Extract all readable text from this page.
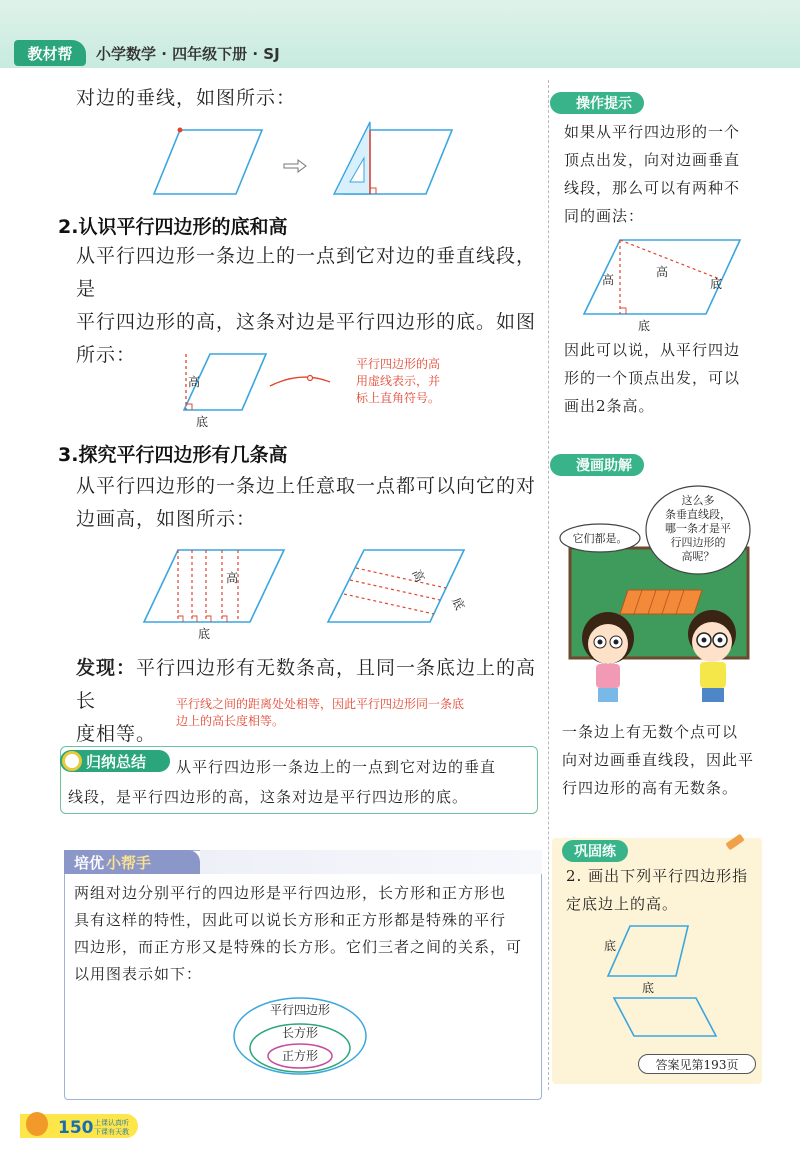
教材帮	小学数学 · 四年级下册 · SJ
对边的垂线，如图所示：
2.认识平行四边形的底和高
从平行四边形一条边上的一点到它对边的垂直线段，是
平行四边形的高，这条对边是平行四边形的底。如图
所示：
高
底
平行四边形的高
用虚线表示，并
标上直角符号。
3.探究平行四边形有几条高
从平行四边形的一条边上任意取一点都可以向它的对
边画高，如图所示：
高
底
高
底
发现：平行四边形有无数条高，且同一条底边上的高长
度相等。
平行线之间的距离处处相等，因此平行四边形同一条底
边上的高长度相等。
归纳总结	从平行四边形一条边上的一点到它对边的垂直
线段，是平行四边形的高，这条对边是平行四边形的底。
培优 小帮手
两组对边分别平行的四边形是平行四边形，长方形和正方形也
具有这样的特性，因此可以说长方形和正方形都是特殊的平行
四边形，而正方形又是特殊的长方形。它们三者之间的关系，可
以用图表示如下：
平行四边形
长方形
正方形
操作提示
如果从平行四边形的一个
顶点出发，向对边画垂直
线段，那么可以有两种不
同的画法：
高
高
底
底
因此可以说，从平行四边
形的一个顶点出发，可以
画出2条高。
漫画助解
它们都是。
这么多
条垂直线段，
哪一条才是平
行四边形的
高呢？
一条边上有无数个点可以
向对边画垂直线段，因此平
行四边形的高有无数条。
巩固练
2. 画出下列平行四边形指
定底边上的高。
底
底
答案见第193页
150 上课认真听
下课有天教
